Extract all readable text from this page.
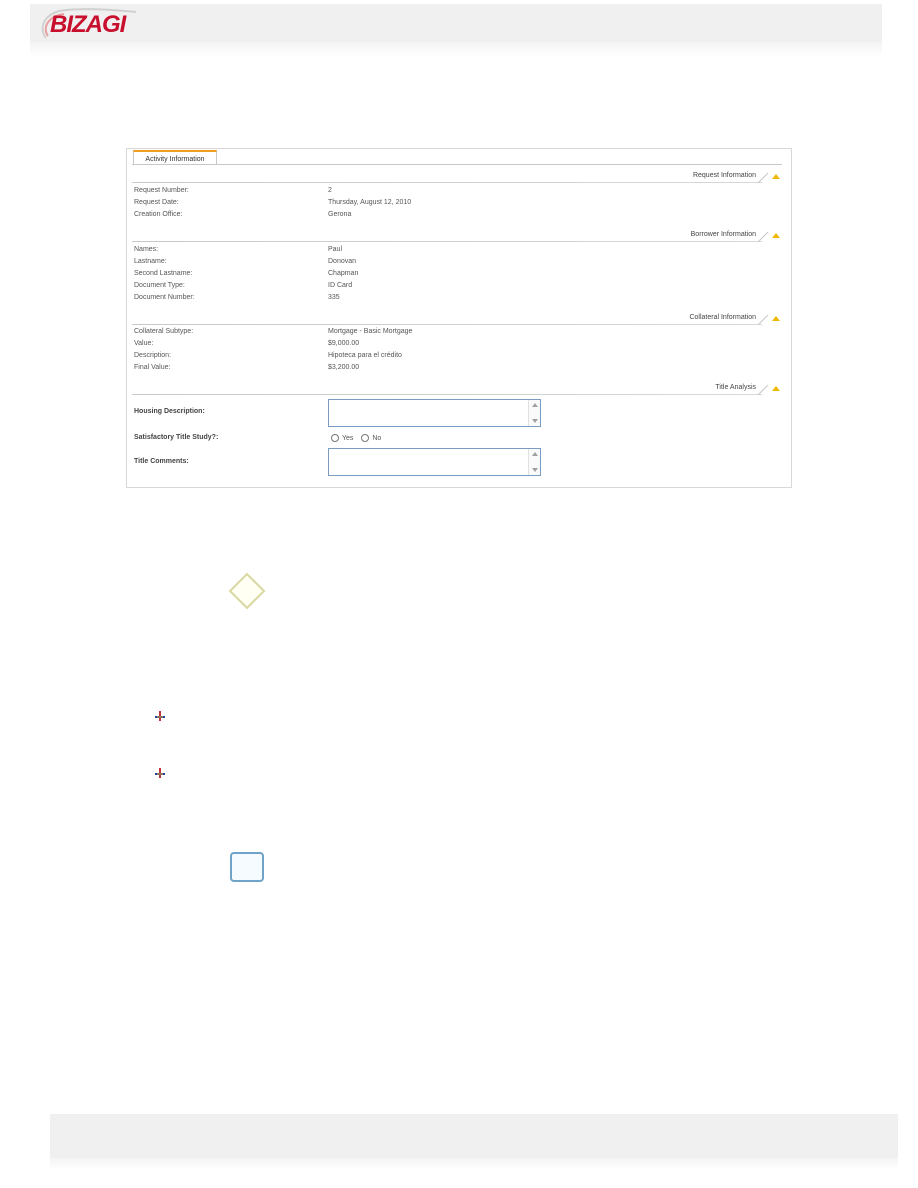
BIZAGI
Activity Information
Request Information
Request Number:	2
Request Date:	Thursday, August 12, 2010
Creation Office:	Gerona
Borrower Information
Names:	Paul
Lastname:	Donovan
Second Lastname:	Chapman
Document Type:	ID Card
Document Number:	335
Collateral Information
Collateral Subtype:	Mortgage - Basic Mortgage
Value:	$9,000.00
Description:	Hipoteca para el crédito
Final Value:	$3,200.00
Title Analysis
Housing Description:
Satisfactory Title Study?:	Yes	No
Title Comments:
